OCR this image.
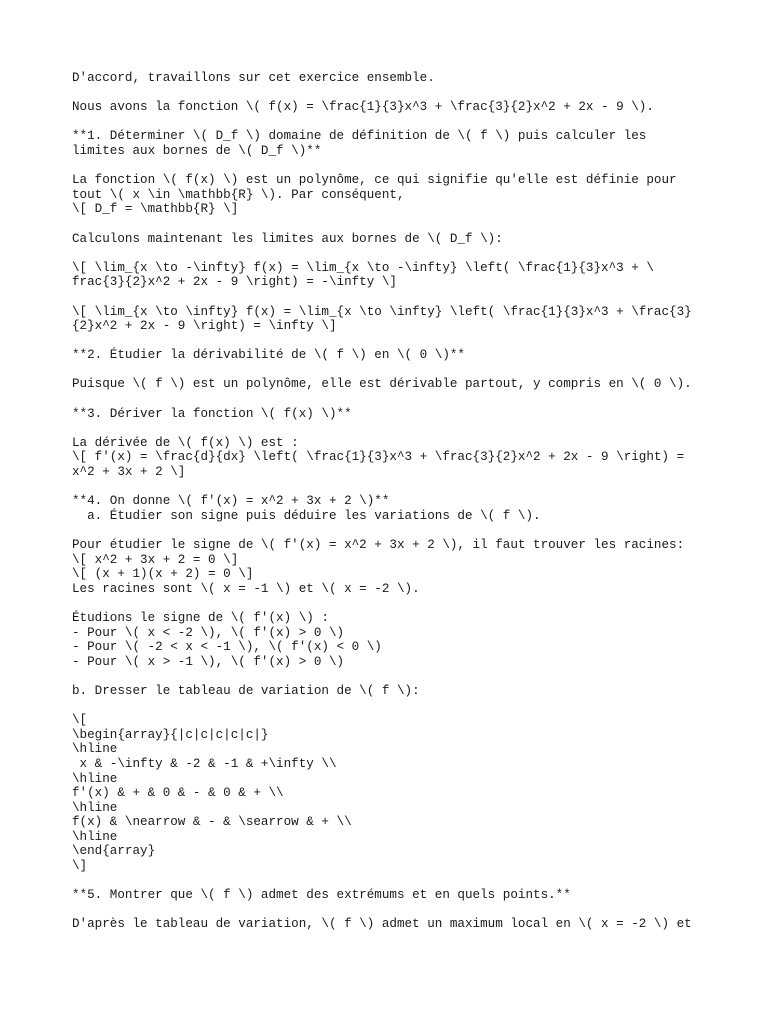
D'accord, travaillons sur cet exercice ensemble.
Nous avons la fonction \( f(x) = \frac{1}{3}x^3 + \frac{3}{2}x^2 + 2x - 9 \).
**1. Déterminer \( D_f \) domaine de définition de \( f \) puis calculer les
limites aux bornes de \( D_f \)**
La fonction \( f(x) \) est un polynôme, ce qui signifie qu'elle est définie pour
tout \( x \in \mathbb{R} \). Par conséquent,
\[ D_f = \mathbb{R} \]
Calculons maintenant les limites aux bornes de \( D_f \):
\[ \lim_{x \to -\infty} f(x) = \lim_{x \to -\infty} \left( \frac{1}{3}x^3 + \
frac{3}{2}x^2 + 2x - 9 \right) = -\infty \]
\[ \lim_{x \to \infty} f(x) = \lim_{x \to \infty} \left( \frac{1}{3}x^3 + \frac{3}
{2}x^2 + 2x - 9 \right) = \infty \]
**2. Étudier la dérivabilité de \( f \) en \( 0 \)**
Puisque \( f \) est un polynôme, elle est dérivable partout, y compris en \( 0 \).
**3. Dériver la fonction \( f(x) \)**
La dérivée de \( f(x) \) est :
\[ f'(x) = \frac{d}{dx} \left( \frac{1}{3}x^3 + \frac{3}{2}x^2 + 2x - 9 \right) =
x^2 + 3x + 2 \]
**4. On donne \( f'(x) = x^2 + 3x + 2 \)**
a. Étudier son signe puis déduire les variations de \( f \).
Pour étudier le signe de \( f'(x) = x^2 + 3x + 2 \), il faut trouver les racines:
\[ x^2 + 3x + 2 = 0 \]
\[ (x + 1)(x + 2) = 0 \]
Les racines sont \( x = -1 \) et \( x = -2 \).
Étudions le signe de \( f'(x) \) :
- Pour \( x < -2 \), \( f'(x) > 0 \)
- Pour \( -2 < x < -1 \), \( f'(x) < 0 \)
- Pour \( x > -1 \), \( f'(x) > 0 \)
b. Dresser le tableau de variation de \( f \):
\[
\begin{array}{|c|c|c|c|c|}
\hline
x & -\infty & -2 & -1 & +\infty \\
\hline
f'(x) & + & 0 & - & 0 & + \\
\hline
f(x) & \nearrow & - & \searrow & + \\
\hline
\end{array}
\]
**5. Montrer que \( f \) admet des extrémums et en quels points.**
D'après le tableau de variation, \( f \) admet un maximum local en \( x = -2 \) et
